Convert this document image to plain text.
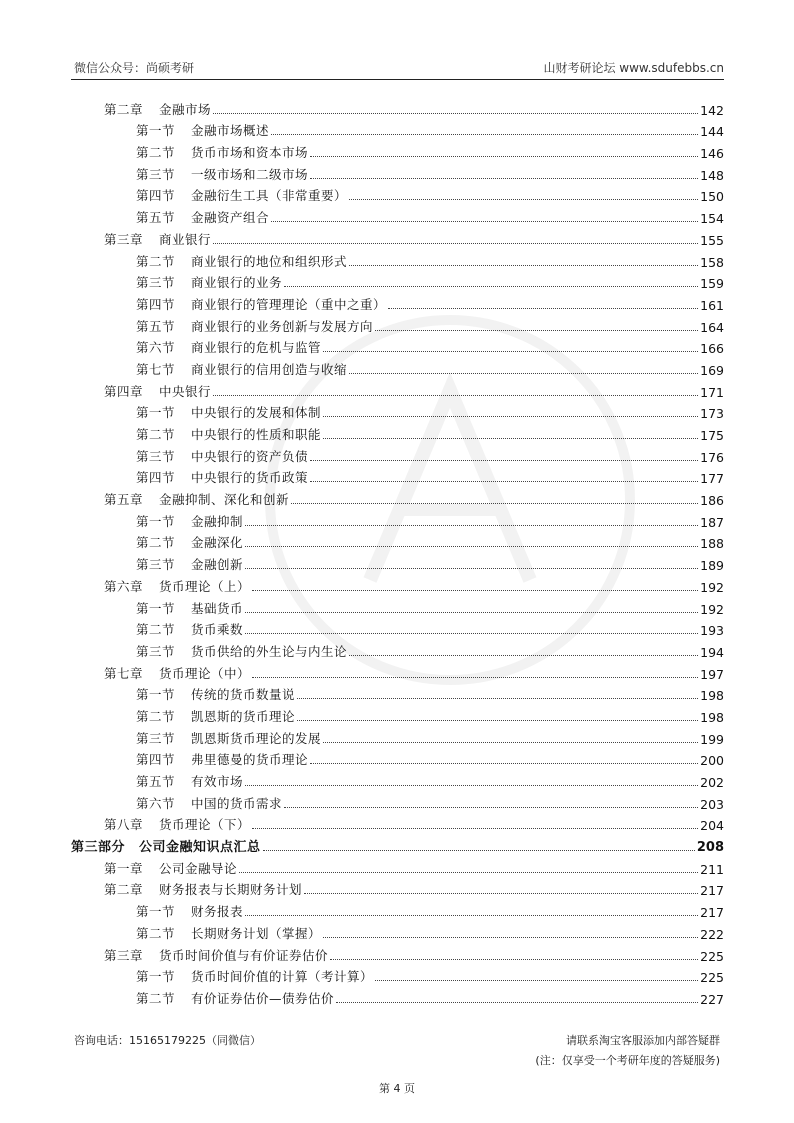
微信公众号：尚硕考研	山财考研论坛 www.sdufebbs.cn
第二章 金融市场	142
第一节 金融市场概述	144
第二节 货币市场和资本市场	146
第三节 一级市场和二级市场	148
第四节 金融衍生工具（非常重要）	150
第五节 金融资产组合	154
第三章 商业银行	155
第二节 商业银行的地位和组织形式	158
第三节 商业银行的业务	159
第四节 商业银行的管理理论（重中之重）	161
第五节 商业银行的业务创新与发展方向	164
第六节 商业银行的危机与监管	166
第七节 商业银行的信用创造与收缩	169
第四章 中央银行	171
第一节 中央银行的发展和体制	173
第二节 中央银行的性质和职能	175
第三节 中央银行的资产负债	176
第四节 中央银行的货币政策	177
第五章 金融抑制、深化和创新	186
第一节 金融抑制	187
第二节 金融深化	188
第三节 金融创新	189
第六章 货币理论（上）	192
第一节 基础货币	192
第二节 货币乘数	193
第三节 货币供给的外生论与内生论	194
第七章 货币理论（中）	197
第一节 传统的货币数量说	198
第二节 凯恩斯的货币理论	198
第三节 凯恩斯货币理论的发展	199
第四节 弗里德曼的货币理论	200
第五节 有效市场	202
第六节 中国的货币需求	203
第八章 货币理论（下）	204
第三部分 公司金融知识点汇总	208
第一章 公司金融导论	211
第二章 财务报表与长期财务计划	217
第一节 财务报表	217
第二节 长期财务计划（掌握）	222
第三章 货币时间价值与有价证券估价	225
第一节 货币时间价值的计算（考计算）	225
第二节 有价证券估价—债券估价	227
咨询电话：15165179225（同微信）	请联系淘宝客服添加内部答疑群
(注：仅享受一个考研年度的答疑服务)
第 4 页
